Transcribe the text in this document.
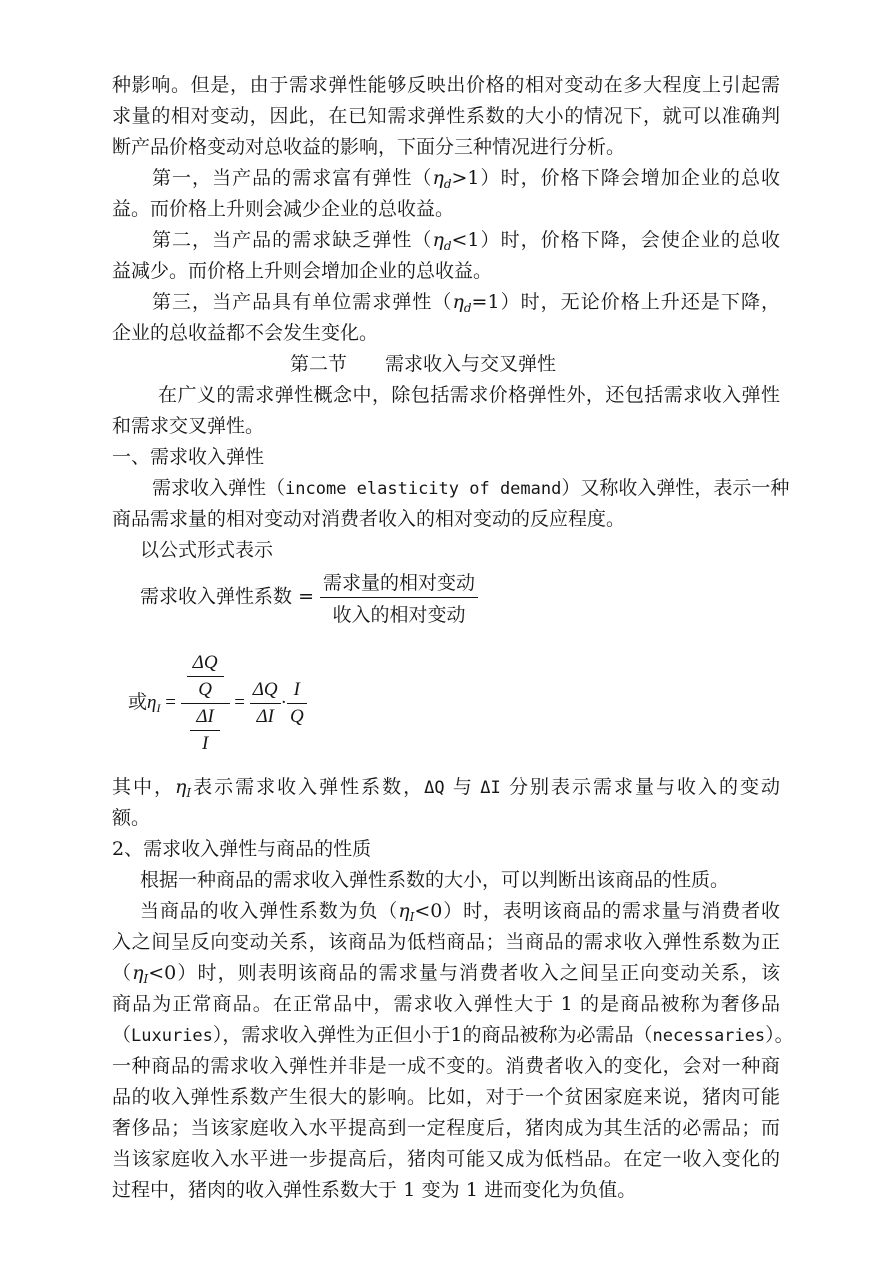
种影响。但是，由于需求弹性能够反映出价格的相对变动在多大程度上引起需

求量的相对变动，因此，在已知需求弹性系数的大小的情况下，就可以准确判

断产品价格变动对总收益的影响，下面分三种情况进行分析。

第一，当产品的需求富有弹性$(\eta_d>1)$时，价格下降会增加企业的总收

益。而价格上升则会减少企业的总收益。

第二，当产品的需求缺乏弹性$(\eta_d<1)$时，价格下降，会使企业的总收

益减少。而价格上升则会增加企业的总收益。

第三，当产品具有单位需求弹性$(\eta_d=1)$时，无论价格上升还是下降，

企业的总收益都不会发生变化。

第二节　　需求收入与交叉弹性

在广义的需求弹性概念中，除包括需求价格弹性外，还包括需求收入弹性

和需求交叉弹性。

一、需求收入弹性

需求收入弹性（income elasticity of demand）又称收入弹性，表示一种

商品需求量的相对变动对消费者收入的相对变动的反应程度。

以公式形式表示

需求收入弹性系数 = $\frac{\text{需求量的相对变动}}{\text{收入的相对变动}}$
或$\eta_I = \frac{\frac{\Delta Q}{Q}}{\frac{\Delta I}{I}} = \frac{\Delta Q}{\Delta I} \cdot \frac{I}{Q}$

其中，$\eta_I$表示需求收入弹性系数，ΔQ  与  ΔI  分别表示需求量与收入的变动

额。

2、需求收入弹性与商品的性质

根据一种商品的需求收入弹性系数的大小，可以判断出该商品的性质。

当商品的收入弹性系数为负$(\eta_I<0)$时，表明该商品的需求量与消费者收

入之间呈反向变动关系，该商品为低档商品；当商品的需求收入弹性系数为正

$(\eta_I<0)$时，则表明该商品的需求量与消费者收入之间呈正向变动关系，该

商品为正常商品。在正常品中，需求收入弹性大于  1  的是商品被称为奢侈品

（Luxuries），需求收入弹性为正但小于1的商品被称为必需品（necessaries）。

一种商品的需求收入弹性并非是一成不变的。消费者收入的变化，会对一种商

品的收入弹性系数产生很大的影响。比如，对于一个贫困家庭来说，猪肉可能

奢侈品；当该家庭收入水平提高到一定程度后，猪肉成为其生活的必需品；而

当该家庭收入水平进一步提高后，猪肉可能又成为低档品。在定一收入变化的

过程中，猪肉的收入弹性系数大于  1  变为  1  进而变化为负值。
